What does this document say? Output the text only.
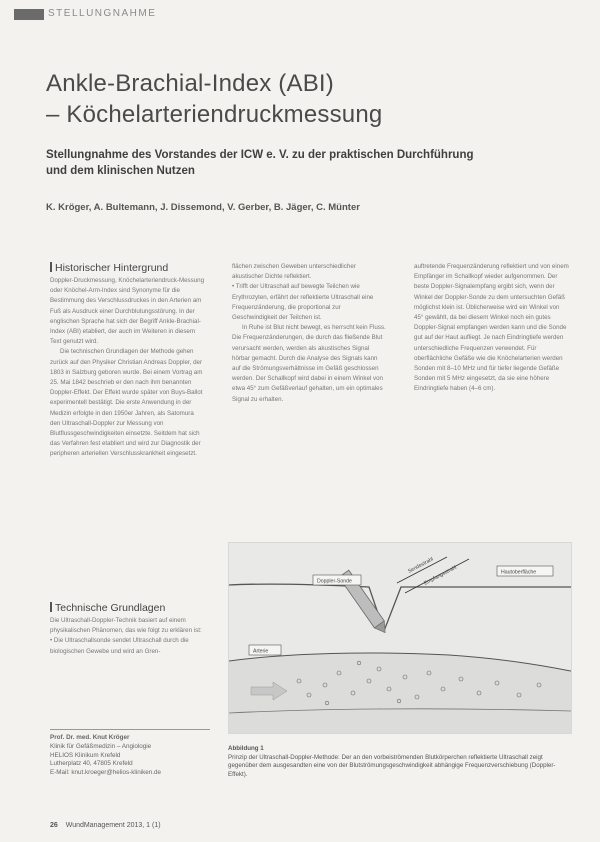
STELLUNGNAHME
Ankle-Brachial-Index (ABI)
– Köchelarteriendruckmessung
Stellungnahme des Vorstandes der ICW e. V. zu der praktischen Durchführung
und dem klinischen Nutzen
K. Kröger, A. Bultemann, J. Dissemond, V. Gerber, B. Jäger, C. Münter
Historischer Hintergrund

Doppler-Druckmessung, Knöchelarteriendruck-Messung oder Knöchel-Arm-Index sind Synonyme für die Bestimmung des Verschlussdruckes in den Arterien am Fuß als Ausdruck einer Durchblutungsstörung. In der englischen Sprache hat sich der Begriff Ankle-Brachial-Index (ABI) etabliert, der auch im Weiteren in diesem Text genutzt wird.

Die technischen Grundlagen der Methode gehen zurück auf den Physiker Christian Andreas Doppler, der 1803 in Salzburg geboren wurde. Bei einem Vortrag am 25. Mai 1842 beschrieb er den nach ihm benannten Doppler-Effekt. Der Effekt wurde später von Buys-Ballot experimentell bestätigt. Die erste Anwendung in der Medizin erfolgte in den 1950er Jahren, als Satomura den Ultraschall-Doppler zur Messung von Blutflussgeschwindigkeiten einsetzte. Seitdem hat sich das Verfahren fest etabliert und wird zur Diagnostik der peripheren arteriellen Verschlusskrankheit eingesetzt.

Technische Grundlagen

Die Ultraschall-Doppler-Technik basiert auf einem physikalischen Phänomen, das wie folgt zu erklären ist:

• Die Ultraschallsonde sendet Ultraschall durch die biologischen Gewebe und wird an Gren-

flächen zwischen Geweben unterschiedlicher akustischer Dichte reflektiert.

• Trifft der Ultraschall auf bewegte Teilchen wie Erythrozyten, erfährt der reflektierte Ultraschall eine Frequenzänderung, die proportional zur Geschwindigkeit der Teilchen ist.

In Ruhe ist Blut nicht bewegt, es herrscht kein Fluss. Die Frequenzänderungen, die durch das fließende Blut verursacht werden, werden als akustisches Signal hörbar gemacht. Durch die Analyse des Signals kann auf die Strömungsverhältnisse im Gefäß geschlossen werden. Der Schallkopf wird dabei in einem Winkel von etwa 45° zum Gefäßverlauf gehalten, um ein optimales Signal zu erhalten.

auftretende Frequenzänderung reflektiert und von einem Empfänger im Schallkopf wieder aufgenommen. Der beste Doppler-Signalempfang ergibt sich, wenn der Winkel der Doppler-Sonde zu dem untersuchten Gefäß möglichst klein ist. Üblicherweise wird ein Winkel von 45° gewählt, da bei diesem Winkel noch ein gutes Doppler-Signal empfangen werden kann und die Sonde gut auf der Haut aufliegt. Je nach Eindringtiefe werden unterschiedliche Frequenzen verwendet. Für oberflächliche Gefäße wie die Knöchelarterien werden Sonden mit 8–10 MHz und für tiefer liegende Gefäße Sonden mit 5 MHz eingesetzt, da sie eine höhere Eindringtiefe haben (4–6 cm).

Doppler-Sonde
Sendestrahl
Empfangsstrahl	Hautoberfläche
Arterie
Abbildung 1
Prinzip der Ultraschall-Doppler-Methode: Der an den vorbeiströmenden Blutkörperchen reflektierte Ultraschall zeigt gegenüber dem ausgesandten eine von der Blutströmungsgeschwindigkeit abhängige Frequenzverschiebung (Doppler-Effekt).
Prof. Dr. med. Knut Kröger
Klinik für Gefäßmedizin – Angiologie
HELIOS Klinikum Krefeld
Lutherplatz 40, 47805 Krefeld
E-Mail: knut.kroeger@helios-kliniken.de
26 WundManagement 2013, 1 (1)
